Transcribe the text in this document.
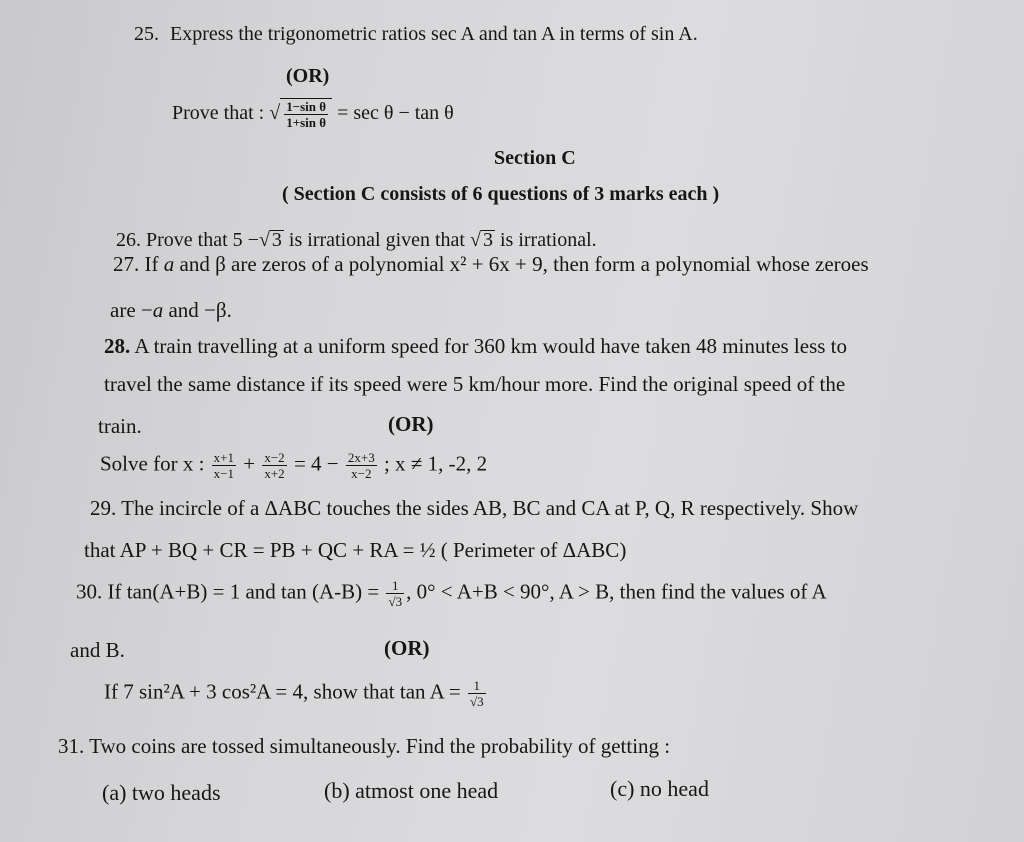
25. Express the trigonometric ratios sec A and tan A in terms of sin A.
(OR)
Prove that : √ $\frac{\text{1−sin θ}}{\text{1+sin θ}} = \sec \theta - \tan \theta$
Section C
( Section C consists of 6 questions of 3 marks each )
26. Prove that 5 −√ 3 is irrational given that √ 3 is irrational.
27. If a and β are zeros of a polynomial x² + 6x + 9, then form a polynomial whose zeroes
are −a and −β.
28. A train travelling at a uniform speed for 360 km would have taken 48 minutes less to
travel the same distance if its speed were 5 km/hour more. Find the original speed of the
train.	(OR)
Solve for x : $\frac{x+1}{x-1} + \frac{x-2}{x+2} = 4 - \frac{2x+3}{x-2}$ ; x ≠ 1, -2, 2
29. The incircle of a ΔABC touches the sides AB, BC and CA at P, Q, R respectively. Show
that AP + BQ + CR = PB + QC + RA = ½ ( Perimeter of ΔABC)
30. If tan(A+B) = 1 and $\tan (A-B) = \frac{1}{√3}$ , 0° < A+B < 90°, A > B, then find the values of A
and B.	(OR)
If 7 sin²A + 3 cos²A = 4, show that $\tan A = \frac{1}{√3}$
31. Two coins are tossed simultaneously. Find the probability of getting :
(a) two heads	(b) atmost one head	(c) no head
